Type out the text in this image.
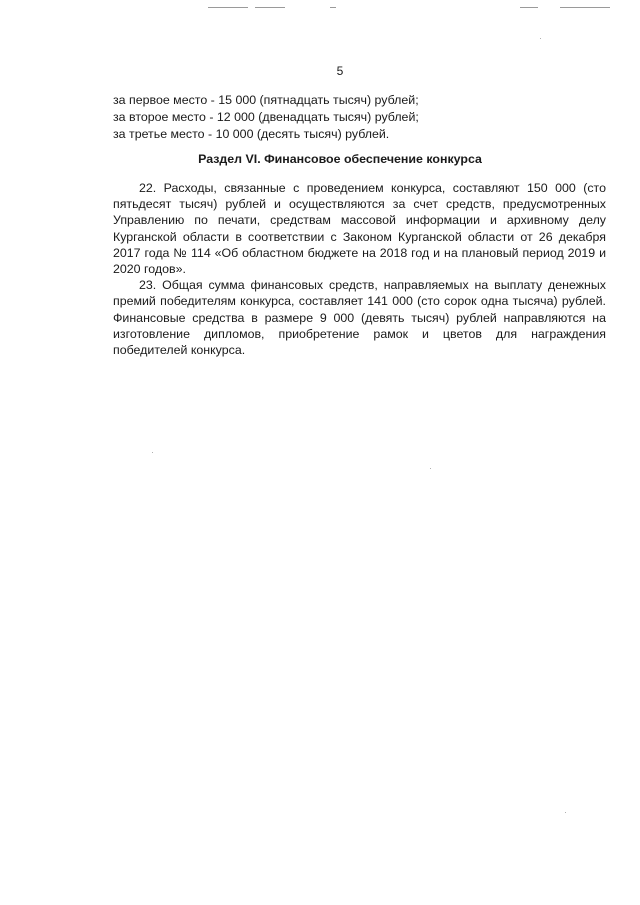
5
за первое место - 15 000 (пятнадцать тысяч) рублей;
за вторoe место - 12 000 (двенадцать тысяч) рублей;
за третье место - 10 000 (десять тысяч) рублей.
Раздел VI. Финансовое обеспечение конкурса

22. Расходы, связанные с проведением конкурса, составляют 150 000 (сто пятьдесят тысяч) рублей и осуществляются за счет средств, предусмотренных Управлению по печати, средствам массовой информации и архивному делу Курганской области в соответствии с Законом Курганской области от 26 декабря 2017 года № 114 «Об областном бюджете на 2018 год и на плановый период 2019 и 2020 годов».

23. Общая сумма финансовых средств, направляемых на выплату денежных премий победителям конкурса, составляет 141 000 (сто сорок одна тысяча) рублей. Финансовые средства в размере 9 000 (девять тысяч) рублей направляются на изготовление дипломов, приобретение рамок и цветов для награждения победителей конкурса.
